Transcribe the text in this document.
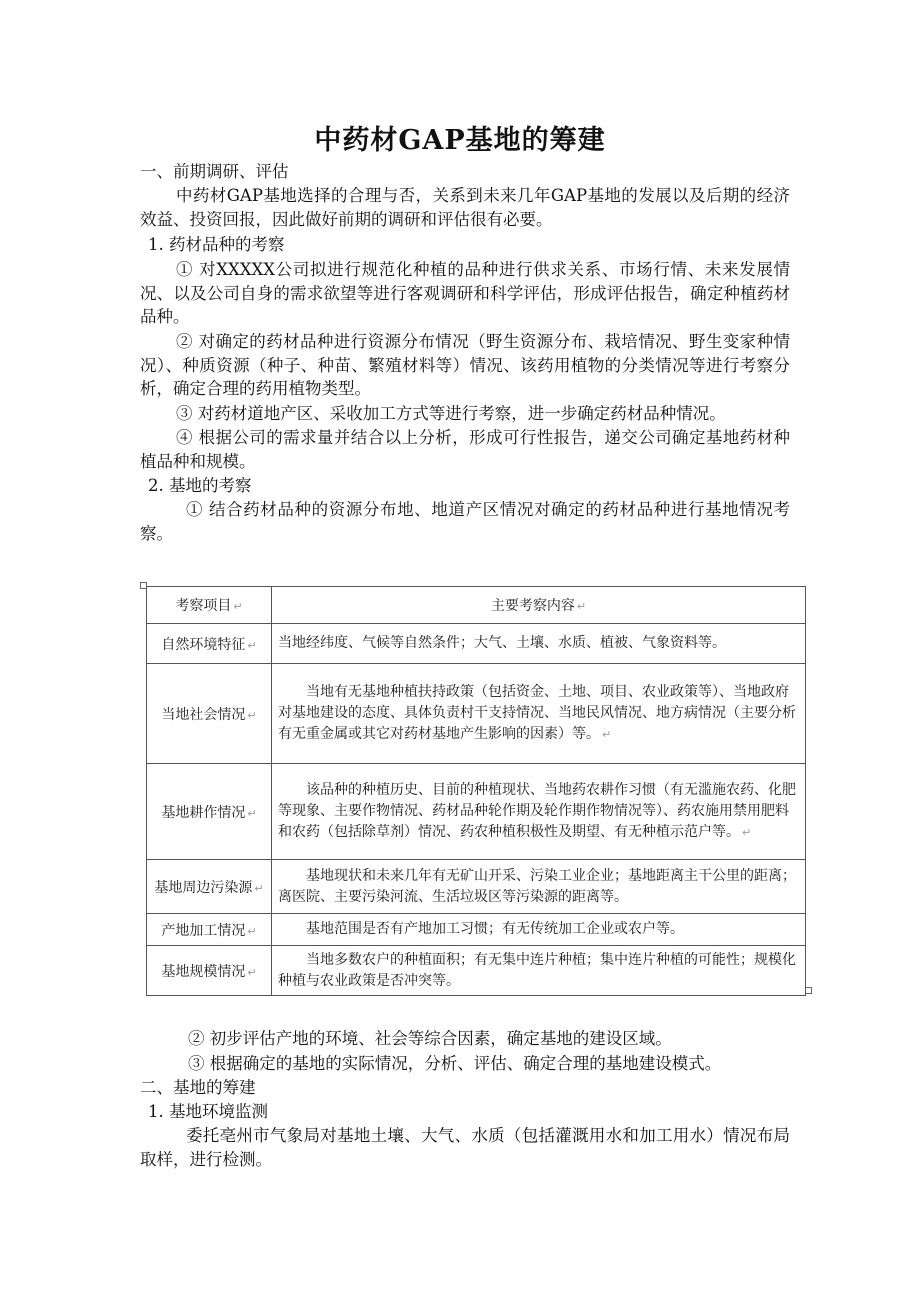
中药材GAP基地的筹建
一、前期调研、评估
中药材GAP基地选择的合理与否，关系到未来几年GAP基地的发展以及后期的经济效益、投资回报，因此做好前期的调研和评估很有必要。
1. 药材品种的考察
① 对XXXXX公司拟进行规范化种植的品种进行供求关系、市场行情、未来发展情况、以及公司自身的需求欲望等进行客观调研和科学评估，形成评估报告，确定种植药材品种。
② 对确定的药材品种进行资源分布情况（野生资源分布、栽培情况、野生变家种情况）、种质资源（种子、种苗、繁殖材料等）情况、该药用植物的分类情况等进行考察分析，确定合理的药用植物类型。
③ 对药材道地产区、采收加工方式等进行考察，进一步确定药材品种情况。
④ 根据公司的需求量并结合以上分析，形成可行性报告，递交公司确定基地药材种植品种和规模。
2. 基地的考察
① 结合药材品种的资源分布地、地道产区情况对确定的药材品种进行基地情况考察。
考察项目 ↵	主要考察内容 ↵
自然环境特征 ↵	当地经纬度、气候等自然条件；大气、土壤、水质、植被、气象资料等。
当地社会情况 ↵	当地有无基地种植扶持政策（包括资金、土地、项目、农业政策等）、当地政府对基地建设的态度、具体负责村干支持情况、当地民风情况、地方病情况（主要分析有无重金属或其它对药材基地产生影响的因素）等。 ↵
基地耕作情况 ↵	该品种的种植历史、目前的种植现状、当地药农耕作习惯（有无滥施农药、化肥等现象、主要作物情况、药材品种轮作期及轮作期作物情况等）、药农施用禁用肥料和农药（包括除草剂）情况、药农种植积极性及期望、有无种植示范户等。 ↵
基地周边污染源 ↵	基地现状和未来几年有无矿山开采、污染工业企业；基地距离主干公里的距离；离医院、主要污染河流、生活垃圾区等污染源的距离等。
产地加工情况 ↵	基地范围是否有产地加工习惯；有无传统加工企业或农户等。
基地规模情况 ↵	当地多数农户的种植面积；有无集中连片种植；集中连片种植的可能性；规模化种植与农业政策是否冲突等。
② 初步评估产地的环境、社会等综合因素，确定基地的建设区域。
③ 根据确定的基地的实际情况，分析、评估、确定合理的基地建设模式。
二、基地的筹建
1. 基地环境监测
委托亳州市气象局对基地土壤、大气、水质（包括灌溉用水和加工用水）情况布局取样，进行检测。
